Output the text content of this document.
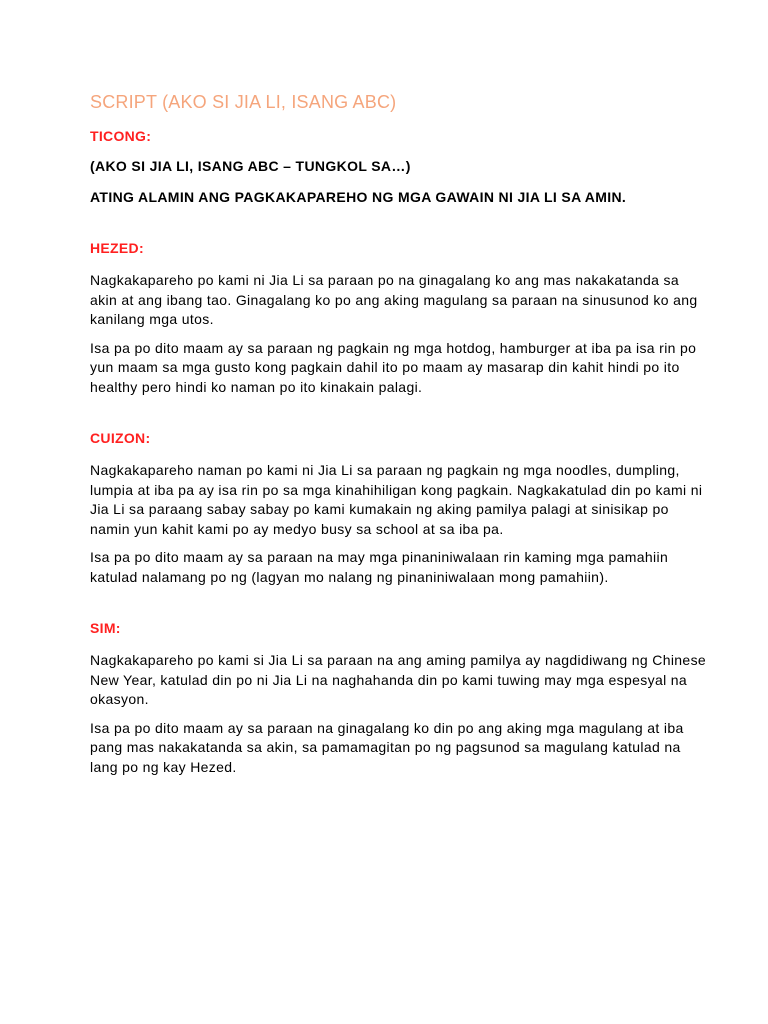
SCRIPT (AKO SI JIA LI, ISANG ABC)

TICONG:

(AKO SI JIA LI, ISANG ABC – TUNGKOL SA…)

ATING ALAMIN ANG PAGKAKAPAREHO NG MGA GAWAIN NI JIA LI SA AMIN.

HEZED:

Nagkakapareho po kami ni Jia Li sa paraan po na ginagalang ko ang mas nakakatanda sa akin at ang ibang tao. Ginagalang ko po ang aking magulang sa paraan na sinusunod ko ang kanilang mga utos.

Isa pa po dito maam ay sa paraan ng pagkain ng mga hotdog, hamburger at iba pa isa rin po yun maam sa mga gusto kong pagkain dahil ito po maam ay masarap din kahit hindi po ito healthy pero hindi ko naman po ito kinakain palagi.

CUIZON:

Nagkakapareho naman po kami ni Jia Li sa paraan ng pagkain ng mga noodles, dumpling, lumpia at iba pa ay isa rin po sa mga kinahihiligan kong pagkain. Nagkakatulad din po kami ni Jia Li sa paraang sabay sabay po kami kumakain ng aking pamilya palagi at sinisikap po namin yun kahit kami po ay medyo busy sa school at sa iba pa.

Isa pa po dito maam ay sa paraan na may mga pinaniniwalaan rin kaming mga pamahiin katulad nalamang po ng (lagyan mo nalang ng pinaniniwalaan mong pamahiin).

SIM:

Nagkakapareho po kami si Jia Li sa paraan na ang aming pamilya ay nagdidiwang ng Chinese New Year, katulad din po ni Jia Li na naghahanda din po kami tuwing may mga espesyal na okasyon.

Isa pa po dito maam ay sa paraan na ginagalang ko din po ang aking mga magulang at iba pang mas nakakatanda sa akin, sa pamamagitan po ng pagsunod sa magulang katulad na lang po ng kay Hezed.
